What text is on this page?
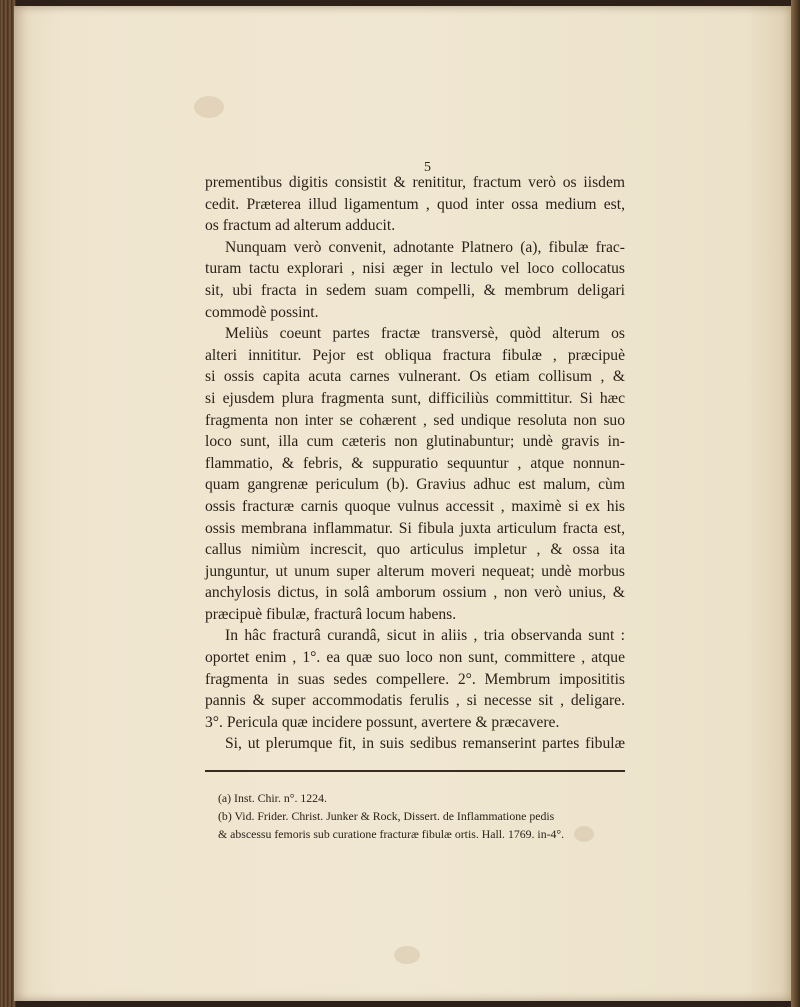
5
prementibus digitis consistit & renititur, fractum verò os iisdem
cedit. Præterea illud ligamentum , quod inter ossa medium est,
os fractum ad alterum adducit.
Nunquam verò convenit, adnotante Platnero (a), fibulæ frac-
turam tactu explorari , nisi æger in lectulo vel loco collocatus
sit, ubi fracta in sedem suam compelli, & membrum deligari
commodè possint.
Meliùs coeunt partes fractæ transversè, quòd alterum os
alteri innititur. Pejor est obliqua fractura fibulæ , præcipuè
si ossis capita acuta carnes vulnerant. Os etiam collisum , &
si ejusdem plura fragmenta sunt, difficiliùs committitur. Si hæc
fragmenta non inter se cohærent , sed undique resoluta non suo
loco sunt, illa cum cæteris non glutinabuntur; undè gravis in-
flammatio, & febris, & suppuratio sequuntur , atque nonnun-
quam gangrenæ periculum (b). Gravius adhuc est malum, cùm
ossis fracturæ carnis quoque vulnus accessit , maximè si ex his
ossis membrana inflammatur. Si fibula juxta articulum fracta est,
callus nimiùm increscit, quo articulus impletur , & ossa ita
junguntur, ut unum super alterum moveri nequeat; undè morbus
anchylosis dictus, in solâ amborum ossium , non verò unius, &
præcipuè fibulæ, fracturâ locum habens.
In hâc fracturâ curandâ, sicut in aliis , tria observanda sunt :
oportet enim , 1°. ea quæ suo loco non sunt, committere , atque
fragmenta in suas sedes compellere. 2°. Membrum imposititis
pannis & super accommodatis ferulis , si necesse sit , deligare.
3°. Pericula quæ incidere possunt, avertere & præcavere.
Si, ut plerumque fit, in suis sedibus remanserint partes fibulæ
(a) Inst. Chir. n°. 1224.
(b) Vid. Frider. Christ. Junker & Rock, Dissert. de Inflammatione pedis
& abscessu femoris sub curatione fracturæ fibulæ ortis. Hall. 1769. in-4°.
